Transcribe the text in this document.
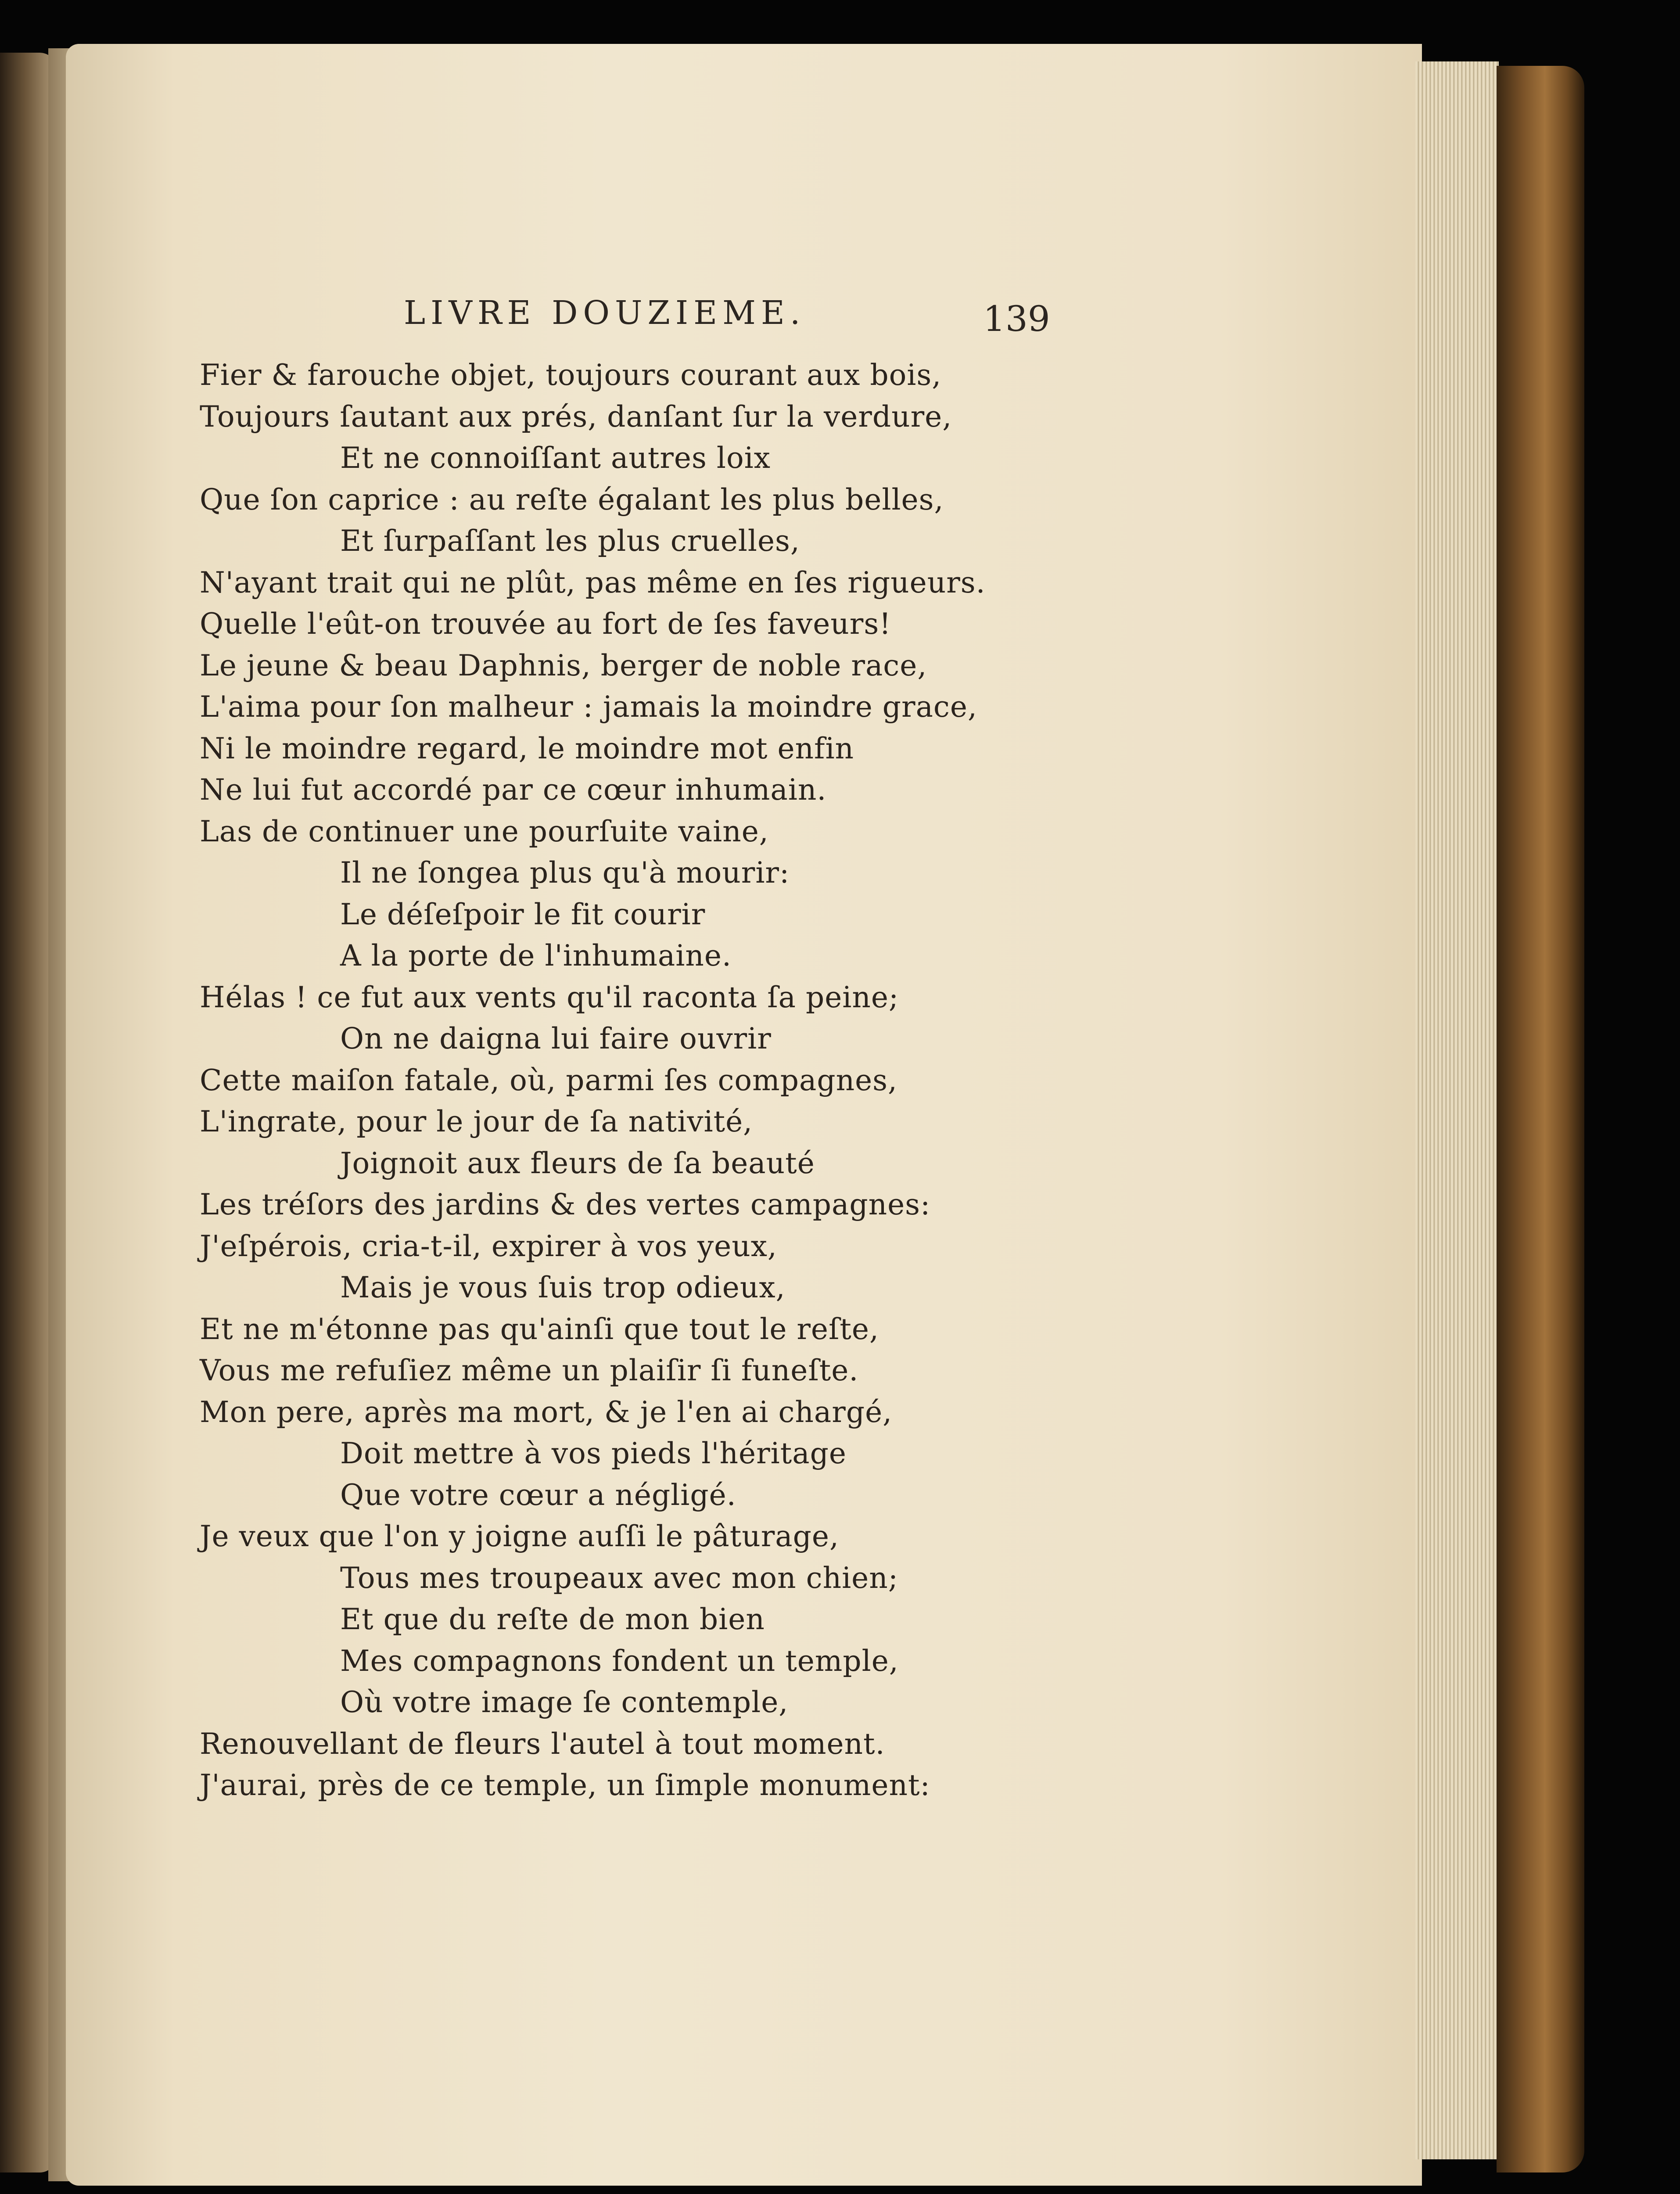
LIVRE DOUZIEME.	139
Fier & farouche objet, toujours courant aux bois,
Toujours ſautant aux prés, danſant ſur la verdure,
Et ne connoiſſant autres loix
Que ſon caprice : au reſte égalant les plus belles,
Et ſurpaſſant les plus cruelles,
N'ayant trait qui ne plût, pas même en ſes rigueurs.
Quelle l'eût-on trouvée au fort de ſes faveurs!
Le jeune & beau Daphnis, berger de noble race,
L'aima pour ſon malheur : jamais la moindre grace,
Ni le moindre regard, le moindre mot enfin
Ne lui fut accordé par ce cœur inhumain.
Las de continuer une pourſuite vaine,
Il ne ſongea plus qu'à mourir:
Le déſeſpoir le fit courir
A la porte de l'inhumaine.
Hélas ! ce fut aux vents qu'il raconta ſa peine;
On ne daigna lui faire ouvrir
Cette maiſon fatale, où, parmi ſes compagnes,
L'ingrate, pour le jour de ſa nativité,
Joignoit aux fleurs de ſa beauté
Les tréſors des jardins & des vertes campagnes:
J'eſpérois, cria-t-il, expirer à vos yeux,
Mais je vous ſuis trop odieux,
Et ne m'étonne pas qu'ainſi que tout le reſte,
Vous me refuſiez même un plaiſir ſi funeſte.
Mon pere, après ma mort, & je l'en ai chargé,
Doit mettre à vos pieds l'héritage
Que votre cœur a négligé.
Je veux que l'on y joigne auſſi le pâturage,
Tous mes troupeaux avec mon chien;
Et que du reſte de mon bien
Mes compagnons fondent un temple,
Où votre image ſe contemple,
Renouvellant de fleurs l'autel à tout moment.
J'aurai, près de ce temple, un ſimple monument:
